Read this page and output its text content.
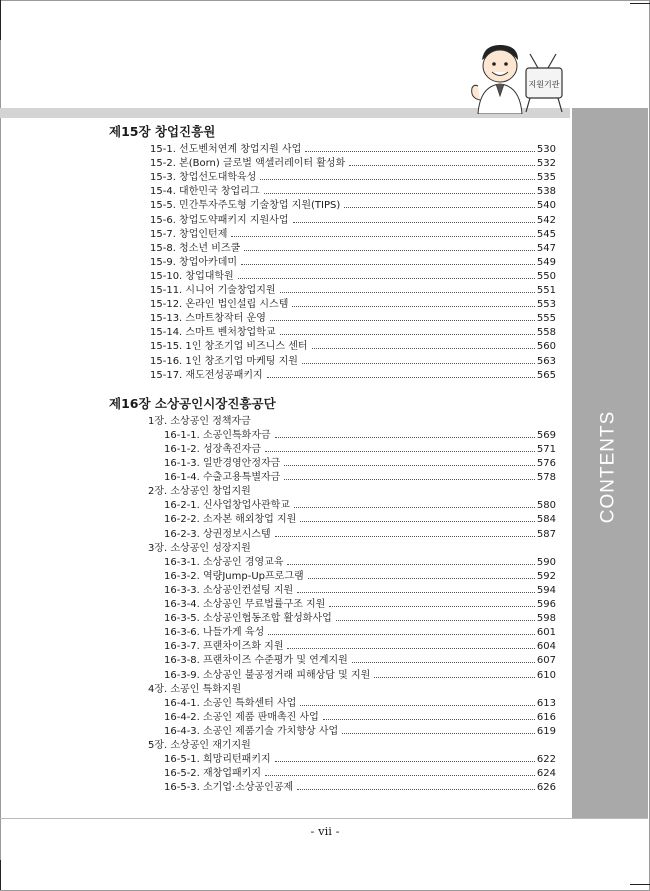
CONTENTS
지원기관
제15장 창업진흥원
15-1. 선도벤처연계 창업지원 사업	530
15-2. 본(Born) 글로벌 액셀러레이터 활성화	532
15-3. 창업선도대학육성	535
15-4. 대한민국 창업리그	538
15-5. 민간투자주도형 기술창업 지원(TIPS)	540
15-6. 창업도약패키지 지원사업	542
15-7. 창업인턴제	545
15-8. 청소년 비즈쿨	547
15-9. 창업아카데미	549
15-10. 창업대학원	550
15-11. 시니어 기술창업지원	551
15-12. 온라인 법인설립 시스템	553
15-13. 스마트창작터 운영	555
15-14. 스마트 벤처창업학교	558
15-15. 1인 창조기업 비즈니스 센터	560
15-16. 1인 창조기업 마케팅 지원	563
15-17. 재도전성공패키지	565
제16장 소상공인시장진흥공단
1장. 소상공인 정책자금
16-1-1. 소공인특화자금	569
16-1-2. 성장촉진자금	571
16-1-3. 일반경영안정자금	576
16-1-4. 수출고용특별자금	578
2장. 소상공인 창업지원
16-2-1. 신사업창업사관학교	580
16-2-2. 소자본 해외창업 지원	584
16-2-3. 상권정보시스템	587
3장. 소상공인 성장지원
16-3-1. 소상공인 경영교육	590
16-3-2. 역량Jump-Up프로그램	592
16-3-3. 소상공인컨설팅 지원	594
16-3-4. 소상공인 무료법률구조 지원	596
16-3-5. 소상공인협동조합 활성화사업	598
16-3-6. 나들가게 육성	601
16-3-7. 프랜차이즈화 지원	604
16-3-8. 프랜차이즈 수준평가 및 연계지원	607
16-3-9. 소상공인 불공정거래 피해상담 및 지원	610
4장. 소공인 특화지원
16-4-1. 소공인 특화센터 사업	613
16-4-2. 소공인 제품 판매촉진 사업	616
16-4-3. 소공인 제품기술 가치향상 사업	619
5장. 소상공인 재기지원
16-5-1. 희망리턴패키지	622
16-5-2. 재창업패키지	624
16-5-3. 소기업·소상공인공제	626
- vii -
